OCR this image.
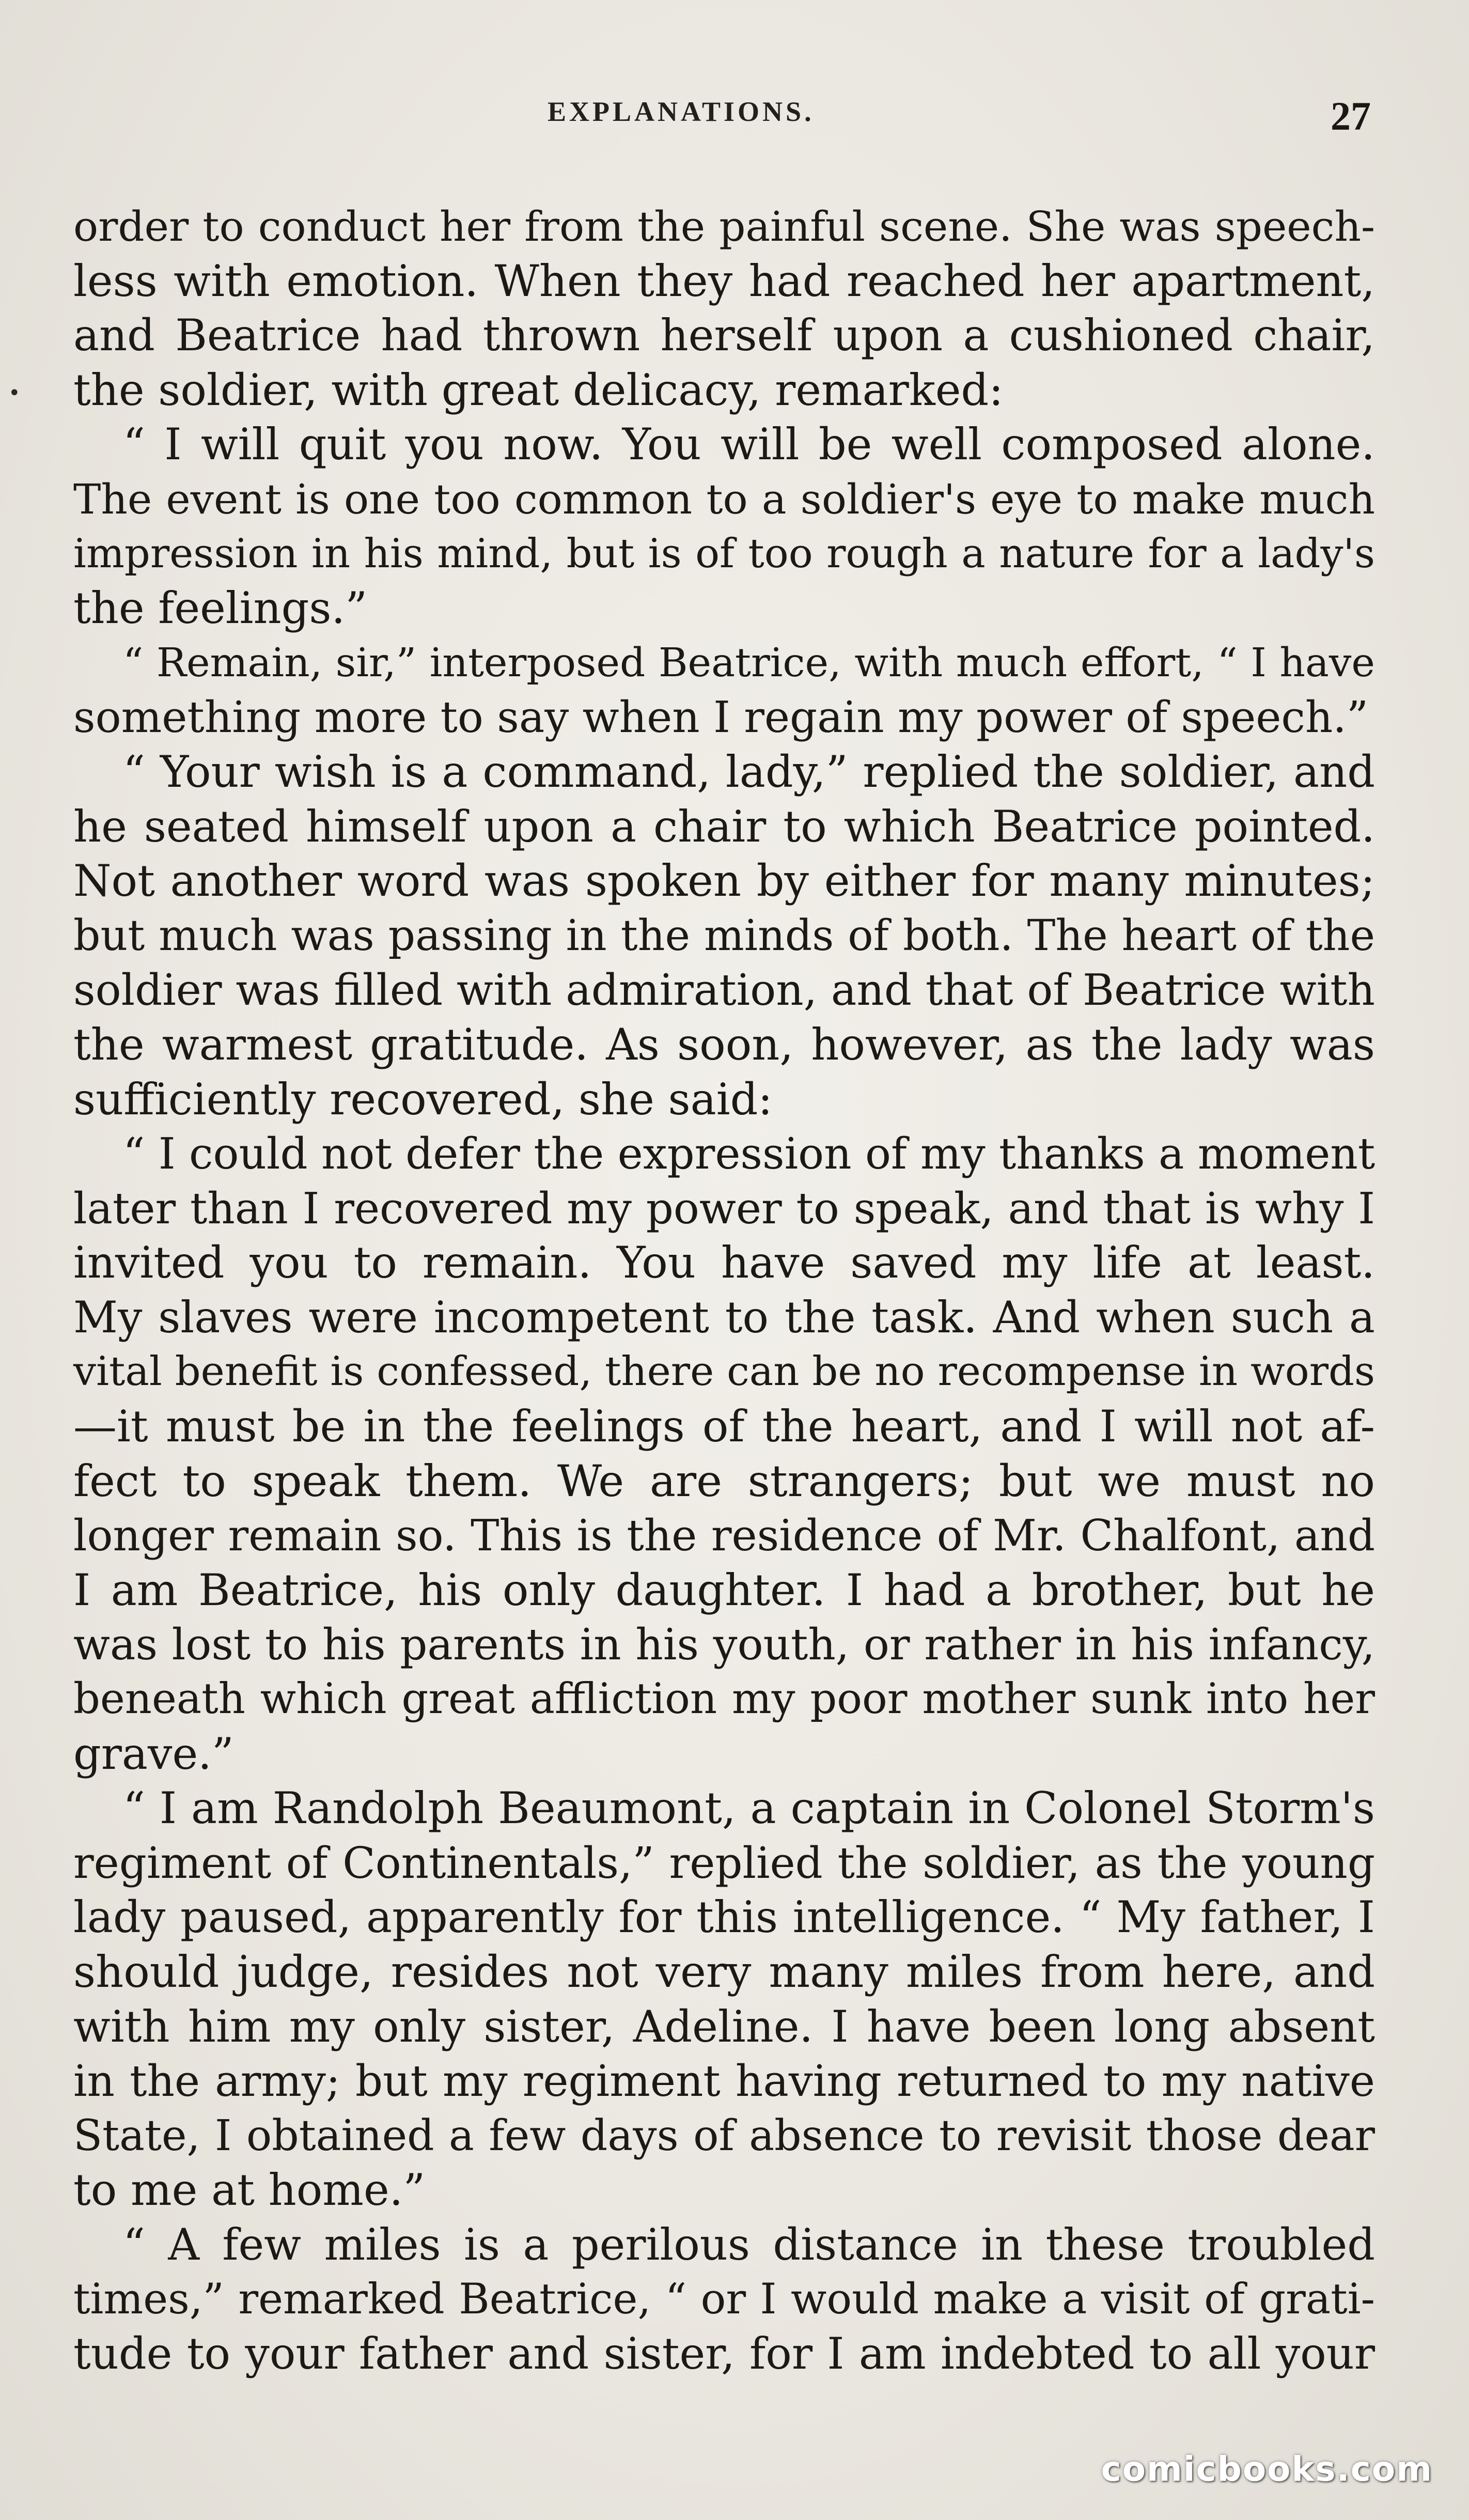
EXPLANATIONS.	27
•
order to conduct her from the painful scene. She was speech-
less with emotion. When they had reached her apartment,
and Beatrice had thrown herself upon a cushioned chair,
the soldier, with great delicacy, remarked:
“ I will quit you now. You will be well composed alone.
The event is one too common to a soldier's eye to make much
impression in his mind, but is of too rough a nature for a lady's
the feelings.”
“ Remain, sir,” interposed Beatrice, with much effort, “ I have
something more to say when I regain my power of speech.”
“ Your wish is a command, lady,” replied the soldier, and
he seated himself upon a chair to which Beatrice pointed.
Not another word was spoken by either for many minutes;
but much was passing in the minds of both. The heart of the
soldier was filled with admiration, and that of Beatrice with
the warmest gratitude. As soon, however, as the lady was
sufficiently recovered, she said:
“ I could not defer the expression of my thanks a moment
later than I recovered my power to speak, and that is why I
invited you to remain. You have saved my life at least.
My slaves were incompetent to the task. And when such a
vital benefit is confessed, there can be no recompense in words
—it must be in the feelings of the heart, and I will not af-
fect to speak them. We are strangers; but we must no
longer remain so. This is the residence of Mr. Chalfont, and
I am Beatrice, his only daughter. I had a brother, but he
was lost to his parents in his youth, or rather in his infancy,
beneath which great affliction my poor mother sunk into her
grave.”
“ I am Randolph Beaumont, a captain in Colonel Storm's
regiment of Continentals,” replied the soldier, as the young
lady paused, apparently for this intelligence. “ My father, I
should judge, resides not very many miles from here, and
with him my only sister, Adeline. I have been long absent
in the army; but my regiment having returned to my native
State, I obtained a few days of absence to revisit those dear
to me at home.”
“ A few miles is a perilous distance in these troubled
times,” remarked Beatrice, “ or I would make a visit of grati-
tude to your father and sister, for I am indebted to all your
comicbooks.com
